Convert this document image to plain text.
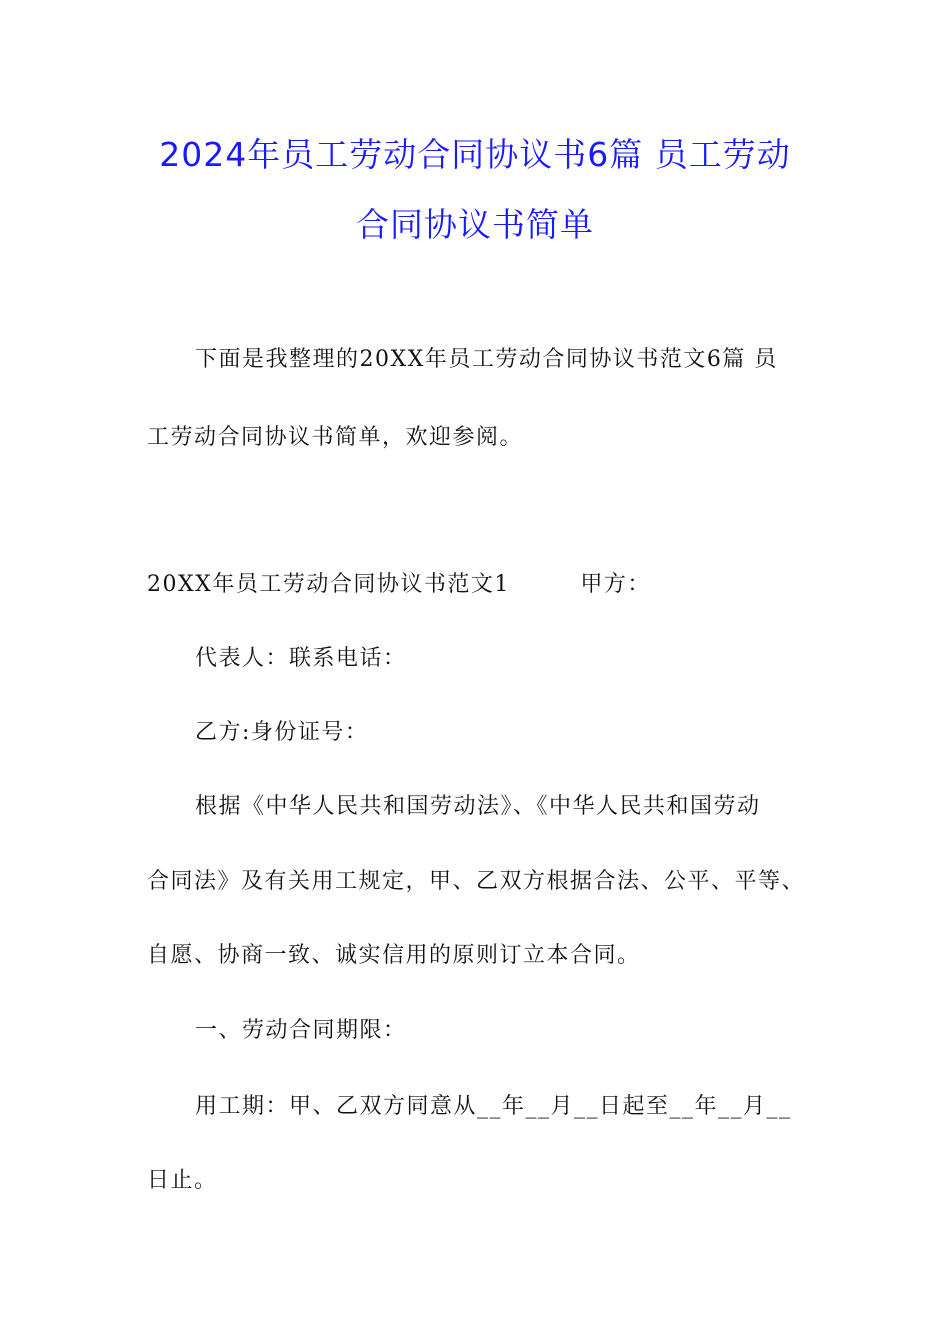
2024年员工劳动合同协议书6篇 员工劳动
合同协议书简单
下面是我整理的20XX年员工劳动合同协议书范文6篇 员
工劳动合同协议书简单，欢迎参阅。
20XX年员工劳动合同协议书范文1　　　甲方：
代表人：联系电话：
乙方:身份证号：
根据《中华人民共和国劳动法》、《中华人民共和国劳动
合同法》及有关用工规定，甲、乙双方根据合法、公平、平等、
自愿、协商一致、诚实信用的原则订立本合同。
一、劳动合同期限：
用工期：甲、乙双方同意从__年__月__日起至__年__月__
日止。
